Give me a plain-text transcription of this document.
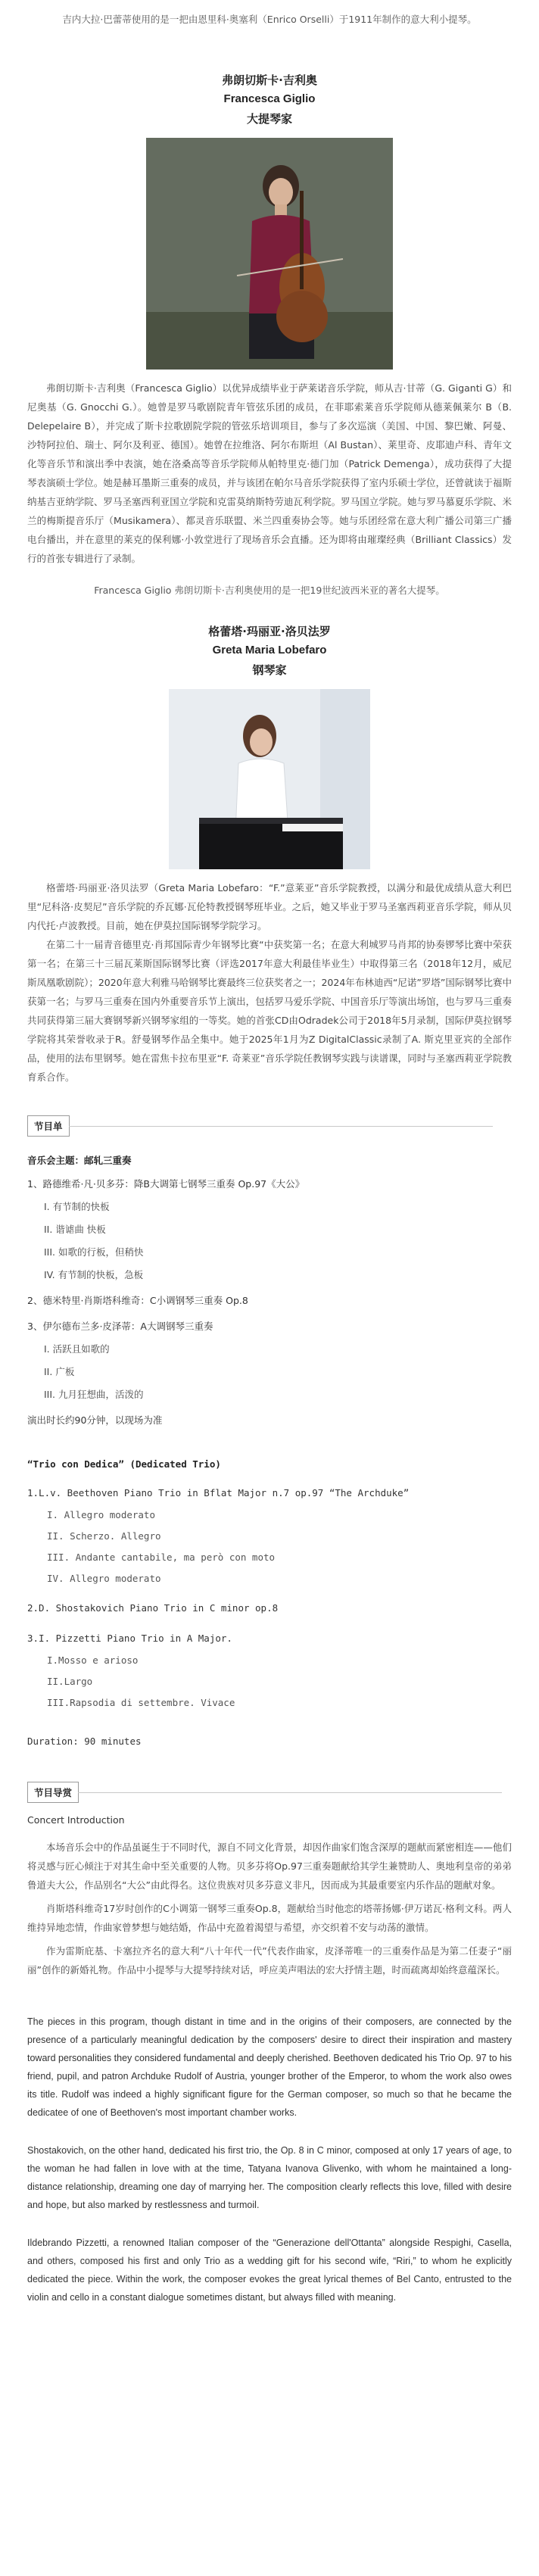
吉内大拉·巴蕾蒂使用的是一把由恩里科·奥塞利（Enrico Orselli）于1911年制作的意大利小提琴。

弗朗切斯卡·吉利奥
Francesca Giglio
大提琴家

弗朗切斯卡·吉利奥（Francesca Giglio）以优异成绩毕业于萨莱诺音乐学院，师从吉·甘蒂（G. Giganti G）和尼奥基（G. Gnocchi G.）。她曾是罗马歌剧院青年管弦乐团的成员，在菲耶索莱音乐学院师从德莱佩莱尔 B（B. Delepelaire B），并完成了斯卡拉歌剧院学院的管弦乐培训项目，参与了多次巡演（美国、中国、黎巴嫩、阿曼、沙特阿拉伯、瑞士、阿尔及利亚、德国）。她曾在拉维洛、阿尔布斯坦（Al Bustan）、莱里奇、皮耶迪卢科、青年文化等音乐节和演出季中表演，她在洛桑高等音乐学院师从帕特里克·德门加（Patrick Demenga），成功获得了大提琴表演硕士学位。她是赫耳墨斯三重奏的成员，并与该团在帕尔马音乐学院获得了室内乐硕士学位，还曾就读于福斯纳基吉亚纳学院、罗马圣塞西利亚国立学院和克雷莫纳斯特劳迪瓦利学院。罗马国立学院。她与罗马慕夏乐学院、米兰的梅斯提音乐厅（Musikamera）、都灵音乐联盟、米兰四重奏协会等。她与乐团经常在意大利广播公司第三广播电台播出，并在意里的莱克的保利娜·小敦堂进行了现场音乐会直播。还为即将由璀璨经典（Brilliant Classics）发行的首张专辑进行了录制。

Francesca Giglio 弗朗切斯卡·吉利奥使用的是一把19世纪波西米亚的著名大提琴。

格蕾塔·玛丽亚·洛贝法罗
Greta Maria Lobefaro
钢琴家

格蕾塔·玛丽亚·洛贝法罗（Greta Maria Lobefaro：“F.”意莱亚”音乐学院教授，以满分和最优成绩从意大利巴里“尼科洛·皮契尼”音乐学院的乔瓦娜·瓦伦特教授钢琴班毕业。之后，她又毕业于罗马圣塞西莉亚音乐学院，师从贝内代托·卢波教授。目前，她在伊莫拉国际钢琴学院学习。

在第二十一届青音德里克·肖邦国际青少年钢琴比赛“中获奖第一名；在意大利城罗马肖邦的协奏锣琴比赛中荣获第一名；在第三十三届瓦莱斯国际钢琴比赛（评选2017年意大利最佳毕业生）中取得第三名（2018年12月，威尼斯凤凰歌剧院）；2020年意大利雅马哈钢琴比赛最终三位获奖者之一；2024年布林迪西“尼诺”罗塔”国际钢琴比赛中获第一名；与罗马三重奏在国内外重要音乐节上演出，包括罗马爱乐学院、中国音乐厅等演出场馆，也与罗马三重奏共同获得第三届大赛钢琴新兴钢琴家组的一等奖。她的首张CD由Odradek公司于2018年5月录制，国际伊莫拉钢琴学院将其荣誉收录于R。舒曼钢琴作品全集中。她于2025年1月为Z DigitalClassic录制了A. 斯克里亚宾的全部作品，使用的法布里钢琴。她在雷焦卡拉布里亚“F. 奇莱亚”音乐学院任教钢琴实践与读谱课，同时与圣塞西莉亚学院教育系合作。

节目单
音乐会主题：邮轧三重奏
1、路德维希·凡·贝多芬：降B大调第七钢琴三重奏 Op.97《大公》
I. 有节制的快板
II. 谐谑曲 快板
III. 如歌的行板，但稍快
IV. 有节制的快板，急板
2、德米特里·肖斯塔科维奇：C小调钢琴三重奏 Op.8
3、伊尔德布兰多·皮泽蒂：A大调钢琴三重奏
I. 活跃且如歌的
II. 广板
III. 九月狂想曲，活泼的
演出时长约90分钟，以现场为准
“Trio con Dedica” (Dedicated Trio)
1.L.v. Beethoven Piano Trio in Bflat Major n.7 op.97 “The Archduke”
I. Allegro moderato
II. Scherzo. Allegro
III. Andante cantabile, ma però con moto
IV. Allegro moderato
2.D. Shostakovich Piano Trio in C minor op.8
3.I. Pizzetti Piano Trio in A Major.
I.Mosso e arioso
II.Largo
III.Rapsodia di settembre. Vivace
Duration: 90 minutes
节目导赏
Concert Introduction

本场音乐会中的作品虽诞生于不同时代，源自不同文化背景，却因作曲家们饱含深厚的题献而紧密相连——他们将灵感与匠心倾注于对其生命中至关重要的人物。贝多芬将Op.97三重奏题献给其学生兼赞助人、奥地利皇帝的弟弟鲁道夫大公，作品别名“大公”由此得名。这位贵族对贝多芬意义非凡，因而成为其最重要室内乐作品的题献对象。

肖斯塔科维奇17岁时创作的C小调第一钢琴三重奏Op.8，题献给当时他恋的塔蒂扬娜·伊万诺瓦·格利文科。两人维持异地恋情，作曲家曾梦想与她结婚，作品中充盈着渴望与希望，亦交织着不安与动荡的激情。

作为雷斯庇基、卡塞拉齐名的意大利“八十年代一代”代表作曲家，皮泽蒂唯一的三重奏作品是为第二任妻子“丽丽”创作的新婚礼物。作品中小提琴与大提琴持续对话，呼应美声唱法的宏大抒情主题，时而疏离却始终意蕴深长。

The pieces in this program, though distant in time and in the origins of their composers, are connected by the presence of a particularly meaningful dedication by the composers' desire to direct their inspiration and mastery toward personalities they considered fundamental and deeply cherished. Beethoven dedicated his Trio Op. 97 to his friend, pupil, and patron Archduke Rudolf of Austria, younger brother of the Emperor, to whom the work also owes its title. Rudolf was indeed a highly significant figure for the German composer, so much so that he became the dedicatee of one of Beethoven's most important chamber works.

Shostakovich, on the other hand, dedicated his first trio, the Op. 8 in C minor, composed at only 17 years of age, to the woman he had fallen in love with at the time, Tatyana Ivanova Glivenko, with whom he maintained a long-distance relationship, dreaming one day of marrying her. The composition clearly reflects this love, filled with desire and hope, but also marked by restlessness and turmoil.

Ildebrando Pizzetti, a renowned Italian composer of the “Generazione dell'Ottanta” alongside Respighi, Casella, and others, composed his first and only Trio as a wedding gift for his second wife, “Riri,” to whom he explicitly dedicated the piece. Within the work, the composer evokes the great lyrical themes of Bel Canto, entrusted to the violin and cello in a constant dialogue sometimes distant, but always filled with meaning.
